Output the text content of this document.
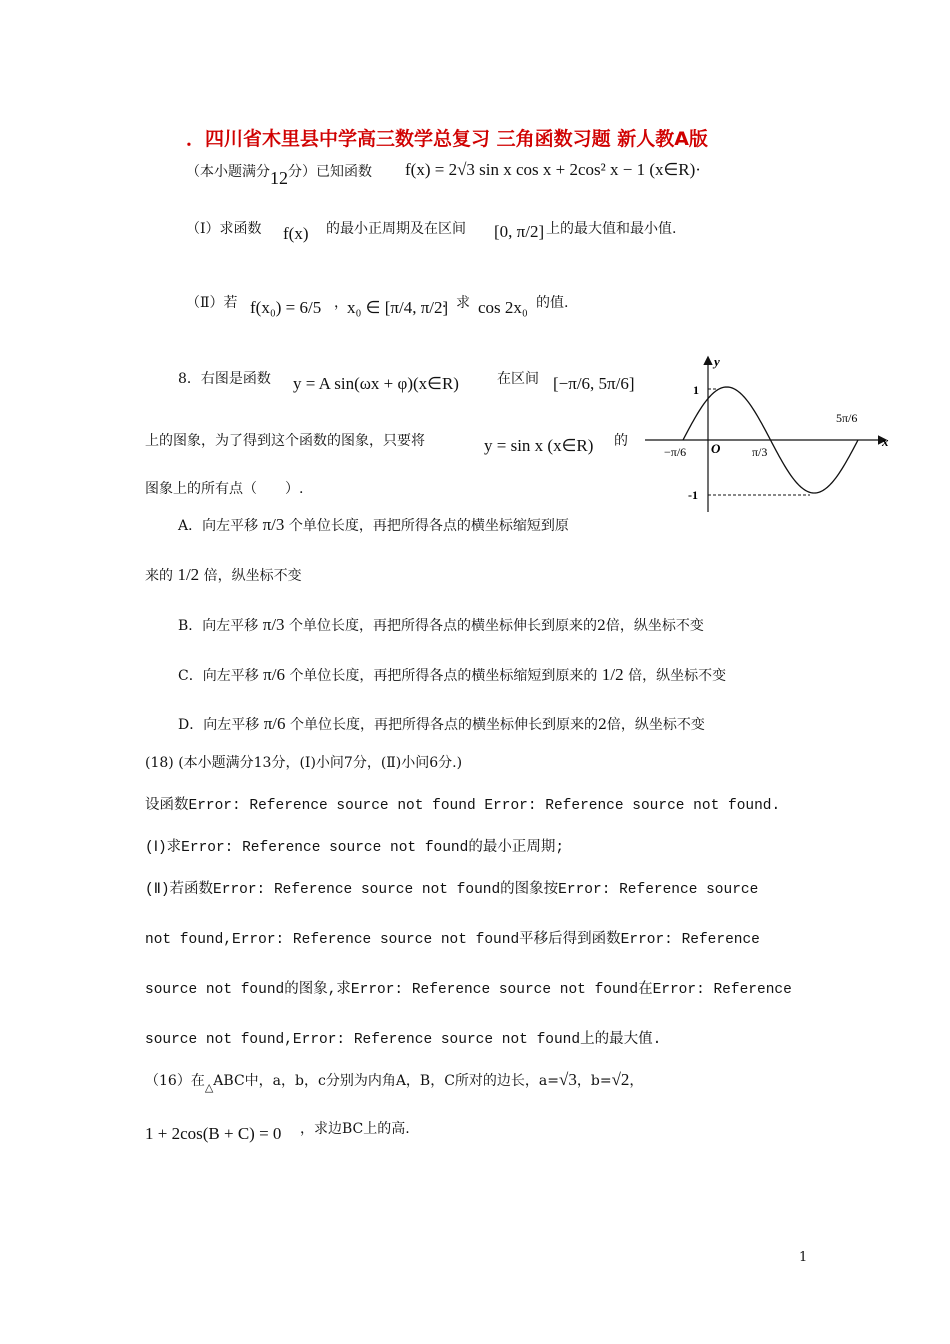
．四川省木里县中学高三数学总复习 三角函数习题 新人教A版
（本小题满分12分）已知函数 f(x) = 2√3 sin x cos x + 2cos² x − 1 (x∈R)·
（Ⅰ）求函数 f(x) 的最小正周期及在区间 [0, π/2] 上的最大值和最小值.
（Ⅱ）若 f(x₀) = 6/5 ， x₀ ∈ [π/4, π/2]
．求 cos 2x₀ 的值.
8．右图是函数 y = A sin(ωx + φ)(x∈R)	在区间 [−π/6, 5π/6]
上的图象，为了得到这个函数的图象，只要将	y = sin x (x∈R) 的
图象上的所有点（　　）.
A．向左平移 π/3 个单位长度，再把所得各点的横坐标缩短到原
来的 1/2 倍，纵坐标不变
B．向左平移 π/3 个单位长度，再把所得各点的横坐标伸长到原来的2倍，纵坐标不变
C．向左平移 π/6 个单位长度，再把所得各点的横坐标缩短到原来的 1/2 倍，纵坐标不变
D．向左平移 π/6 个单位长度，再把所得各点的横坐标伸长到原来的2倍，纵坐标不变
y
x
O
1
-1
−π/6	π/3
5π/6
(18) (本小题满分13分，(Ⅰ)小问7分，(Ⅱ)小问6分.)
设函数Error: Reference source not found Error: Reference source not found.
(Ⅰ)求Error: Reference source not found的最小正周期;
(Ⅱ)若函数Error: Reference source not found的图象按Error: Reference source
not found,Error: Reference source not found平移后得到函数Error: Reference
source not found的图象,求Error: Reference source not found在Error: Reference
source not found,Error: Reference source not found上的最大值.
（16）在$_\triangle$ABC中，a，b，c分别为内角A，B，C所对的边长，a=√3，b=√2，
1 + 2cos(B + C) = 0 ，求边BC上的高.
1
